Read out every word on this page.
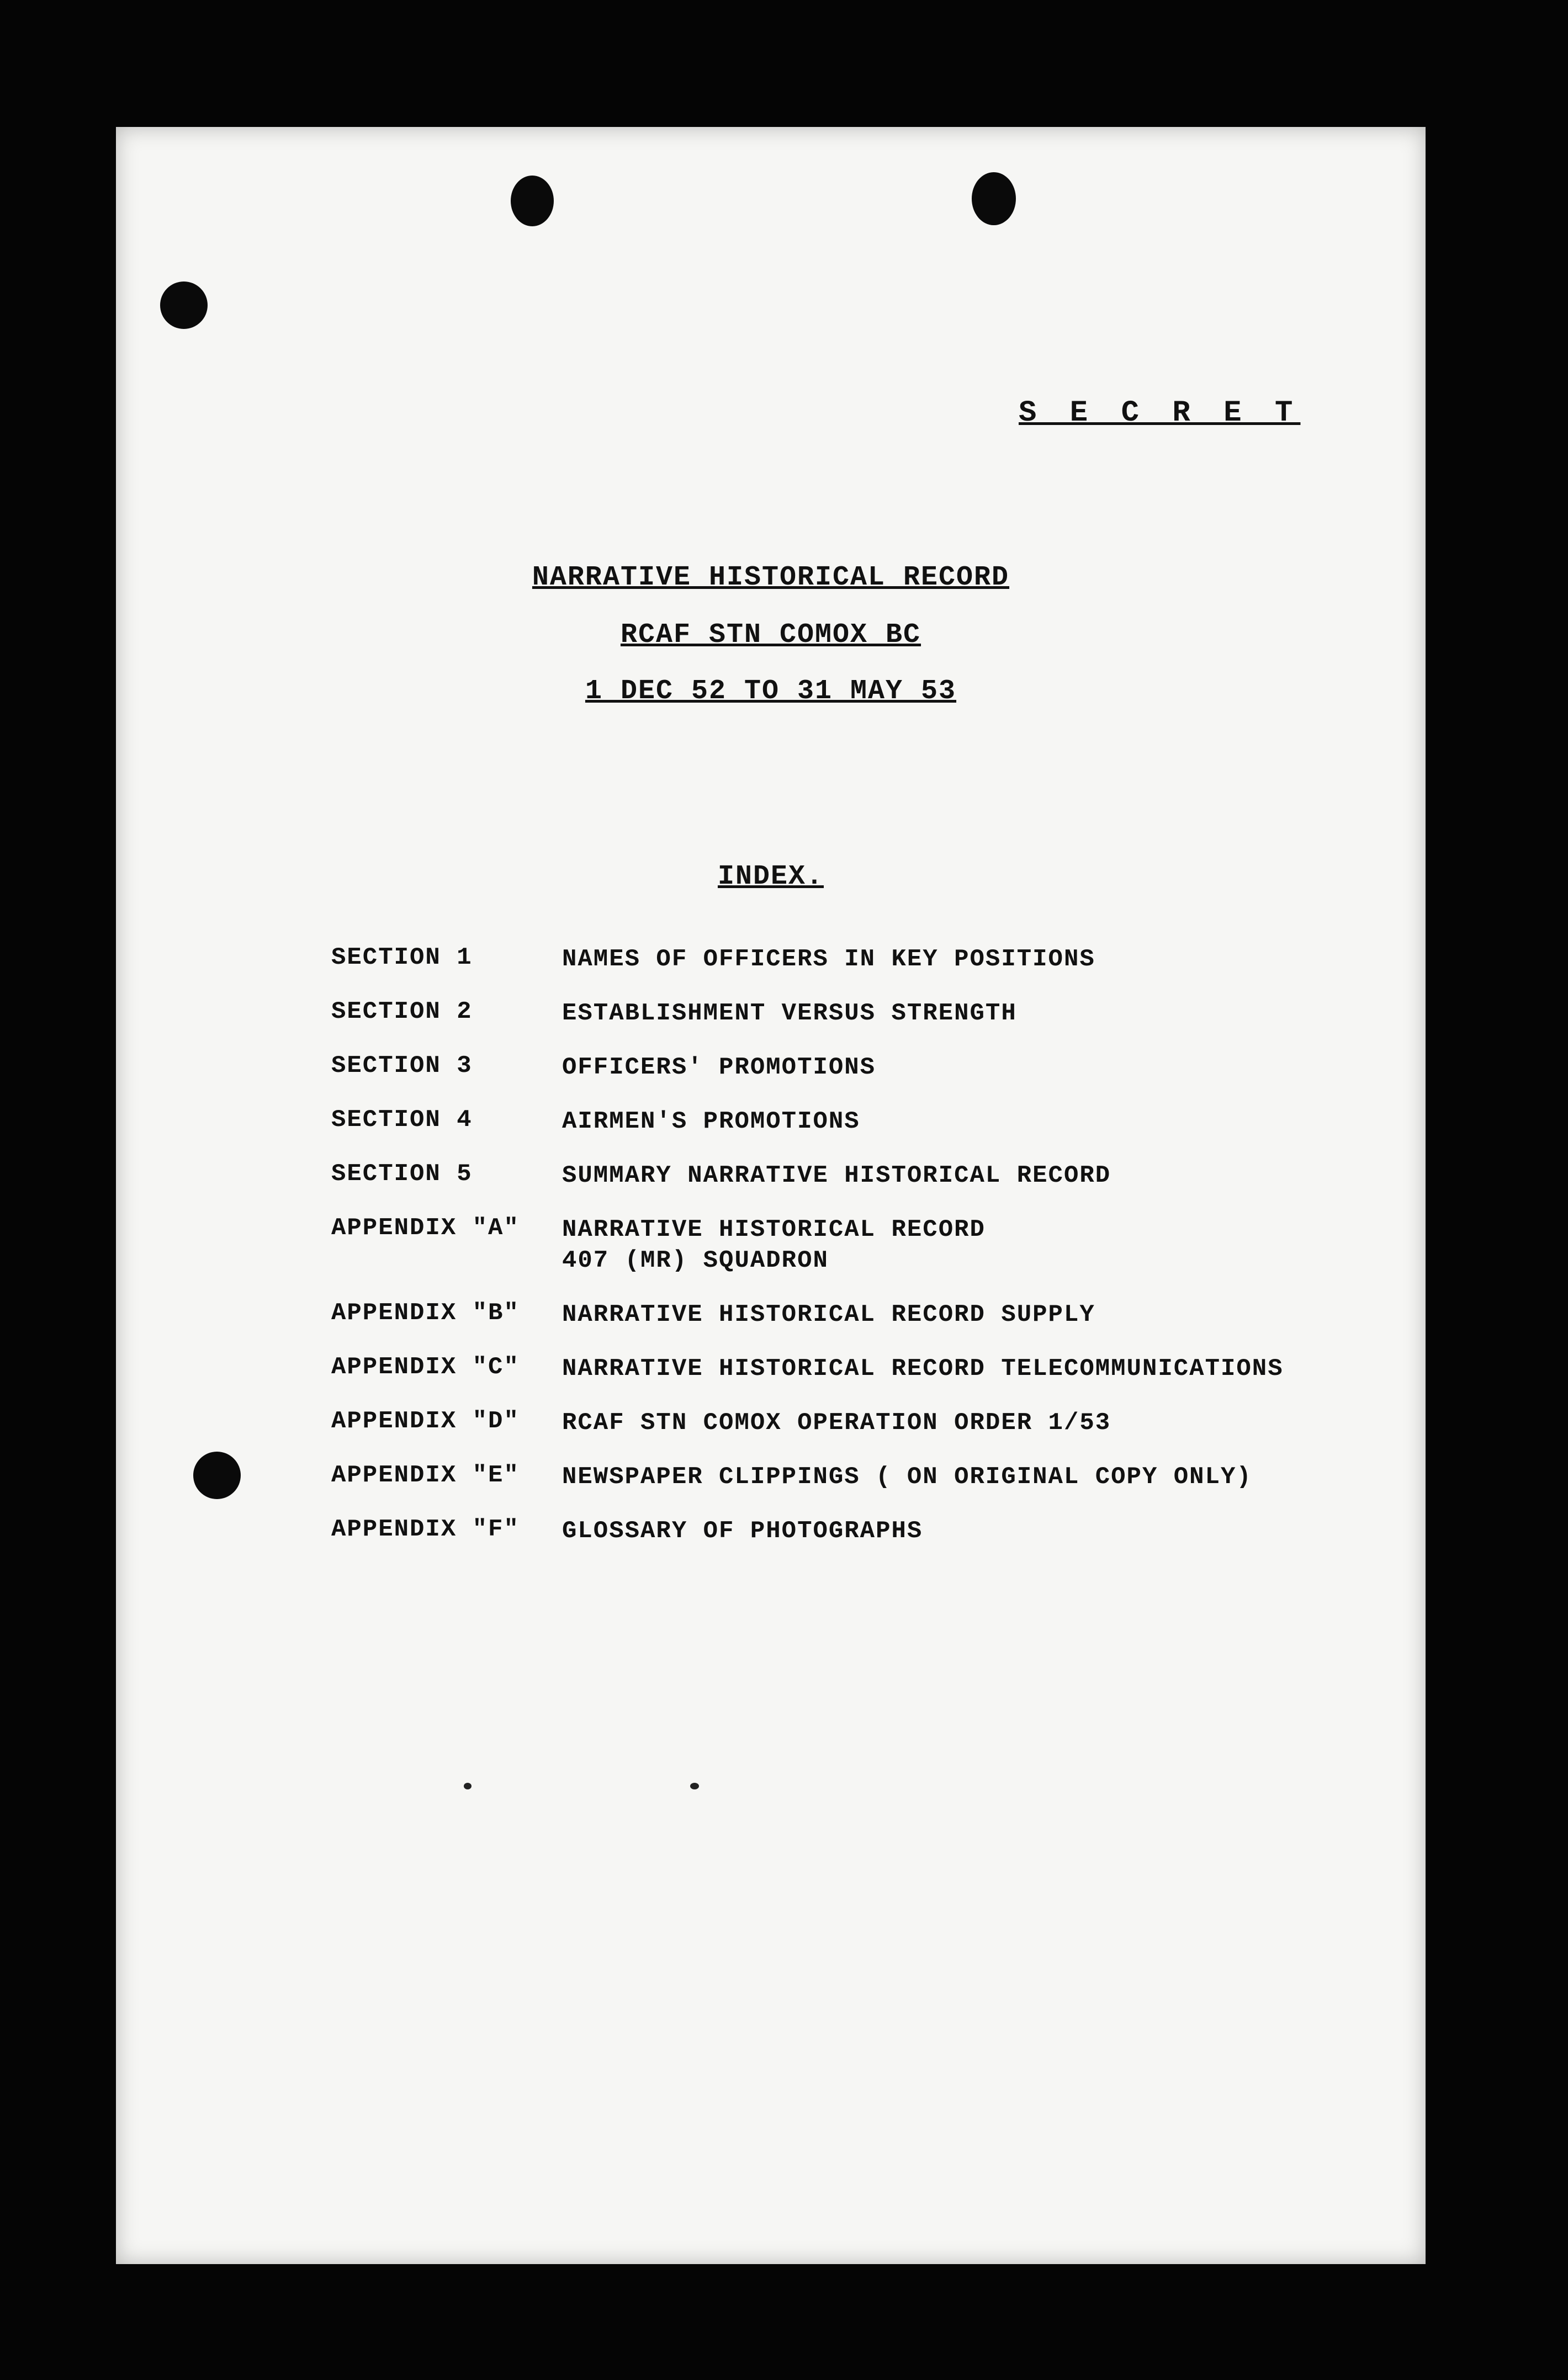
S E C R E T
NARRATIVE HISTORICAL RECORD
RCAF STN COMOX BC
1 DEC 52 TO 31 MAY 53
INDEX.
SECTION 1	NAMES OF OFFICERS IN KEY POSITIONS
SECTION 2	ESTABLISHMENT VERSUS STRENGTH
SECTION 3	OFFICERS' PROMOTIONS
SECTION 4	AIRMEN'S PROMOTIONS
SECTION 5	SUMMARY NARRATIVE HISTORICAL RECORD
APPENDIX "A" NARRATIVE HISTORICAL RECORD
407 (MR) SQUADRON
APPENDIX "B" NARRATIVE HISTORICAL RECORD SUPPLY
APPENDIX "C" NARRATIVE HISTORICAL RECORD TELECOMMUNICATIONS
APPENDIX "D" RCAF STN COMOX OPERATION ORDER 1/53
APPENDIX "E" NEWSPAPER CLIPPINGS ( ON ORIGINAL COPY ONLY)
APPENDIX "F" GLOSSARY OF PHOTOGRAPHS
